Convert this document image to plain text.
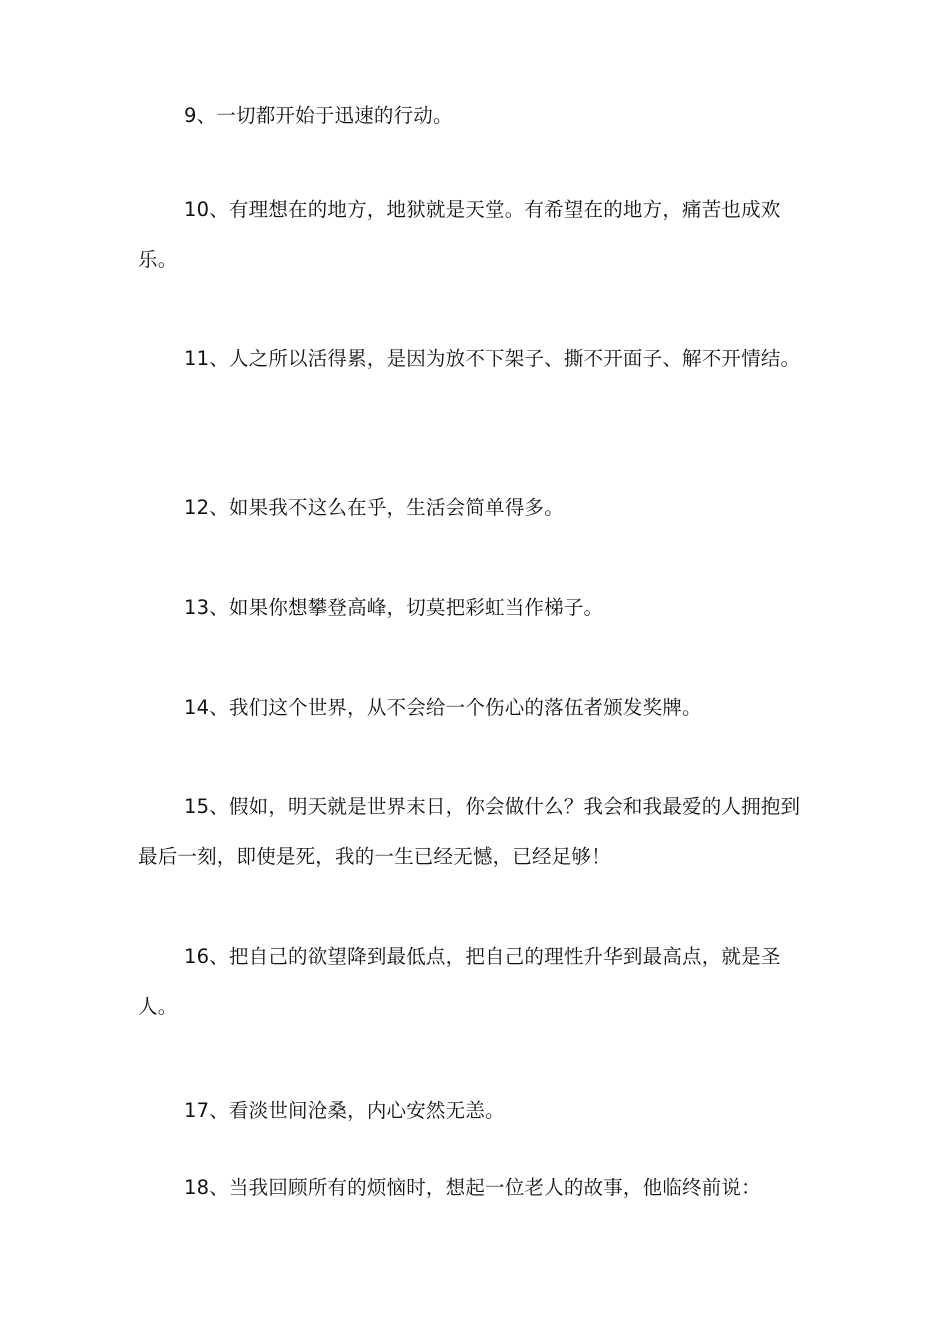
9、一切都开始于迅速的行动。

10、有理想在的地方，地狱就是天堂。有希望在的地方，痛苦也成欢乐。

11、人之所以活得累，是因为放不下架子、撕不开面子、解不开情结。

12、如果我不这么在乎，生活会简单得多。

13、如果你想攀登高峰，切莫把彩虹当作梯子。

14、我们这个世界，从不会给一个伤心的落伍者颁发奖牌。

15、假如，明天就是世界末日，你会做什么？我会和我最爱的人拥抱到最后一刻，即使是死，我的一生已经无憾，已经足够！

16、把自己的欲望降到最低点，把自己的理性升华到最高点，就是圣人。

17、看淡世间沧桑，内心安然无恙。

18、当我回顾所有的烦恼时，想起一位老人的故事，他临终前说：
